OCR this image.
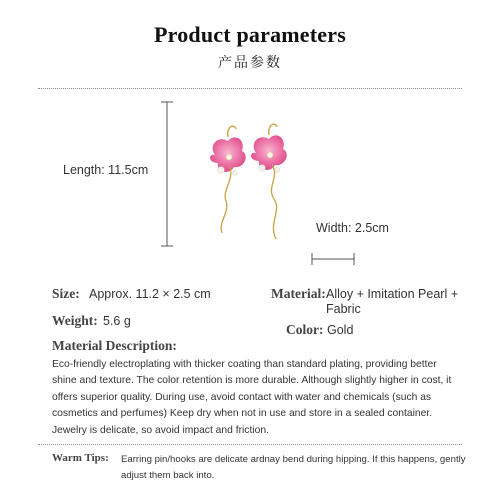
Product parameters
产品参数
Length: 11.5cm
Width: 2.5cm
Size: Approx. 11.2 × 2.5 cm
Weight: 5.6 g
Material: Alloy + Imitation Pearl + Fabric
Color: Gold
Material Description:
Eco-friendly electroplating with thicker coating than standard plating, providing better shine and texture. The color retention is more durable. Although slightly higher in cost, it offers superior quality. During use, avoid contact with water and chemicals (such as cosmetics and perfumes) Keep dry when not in use and store in a sealed container. Jewelry is delicate, so avoid impact and friction.
Warm Tips: Earring pin/hooks are delicate ardnay bend during hipping. If this happens, gently adjust them back into.
